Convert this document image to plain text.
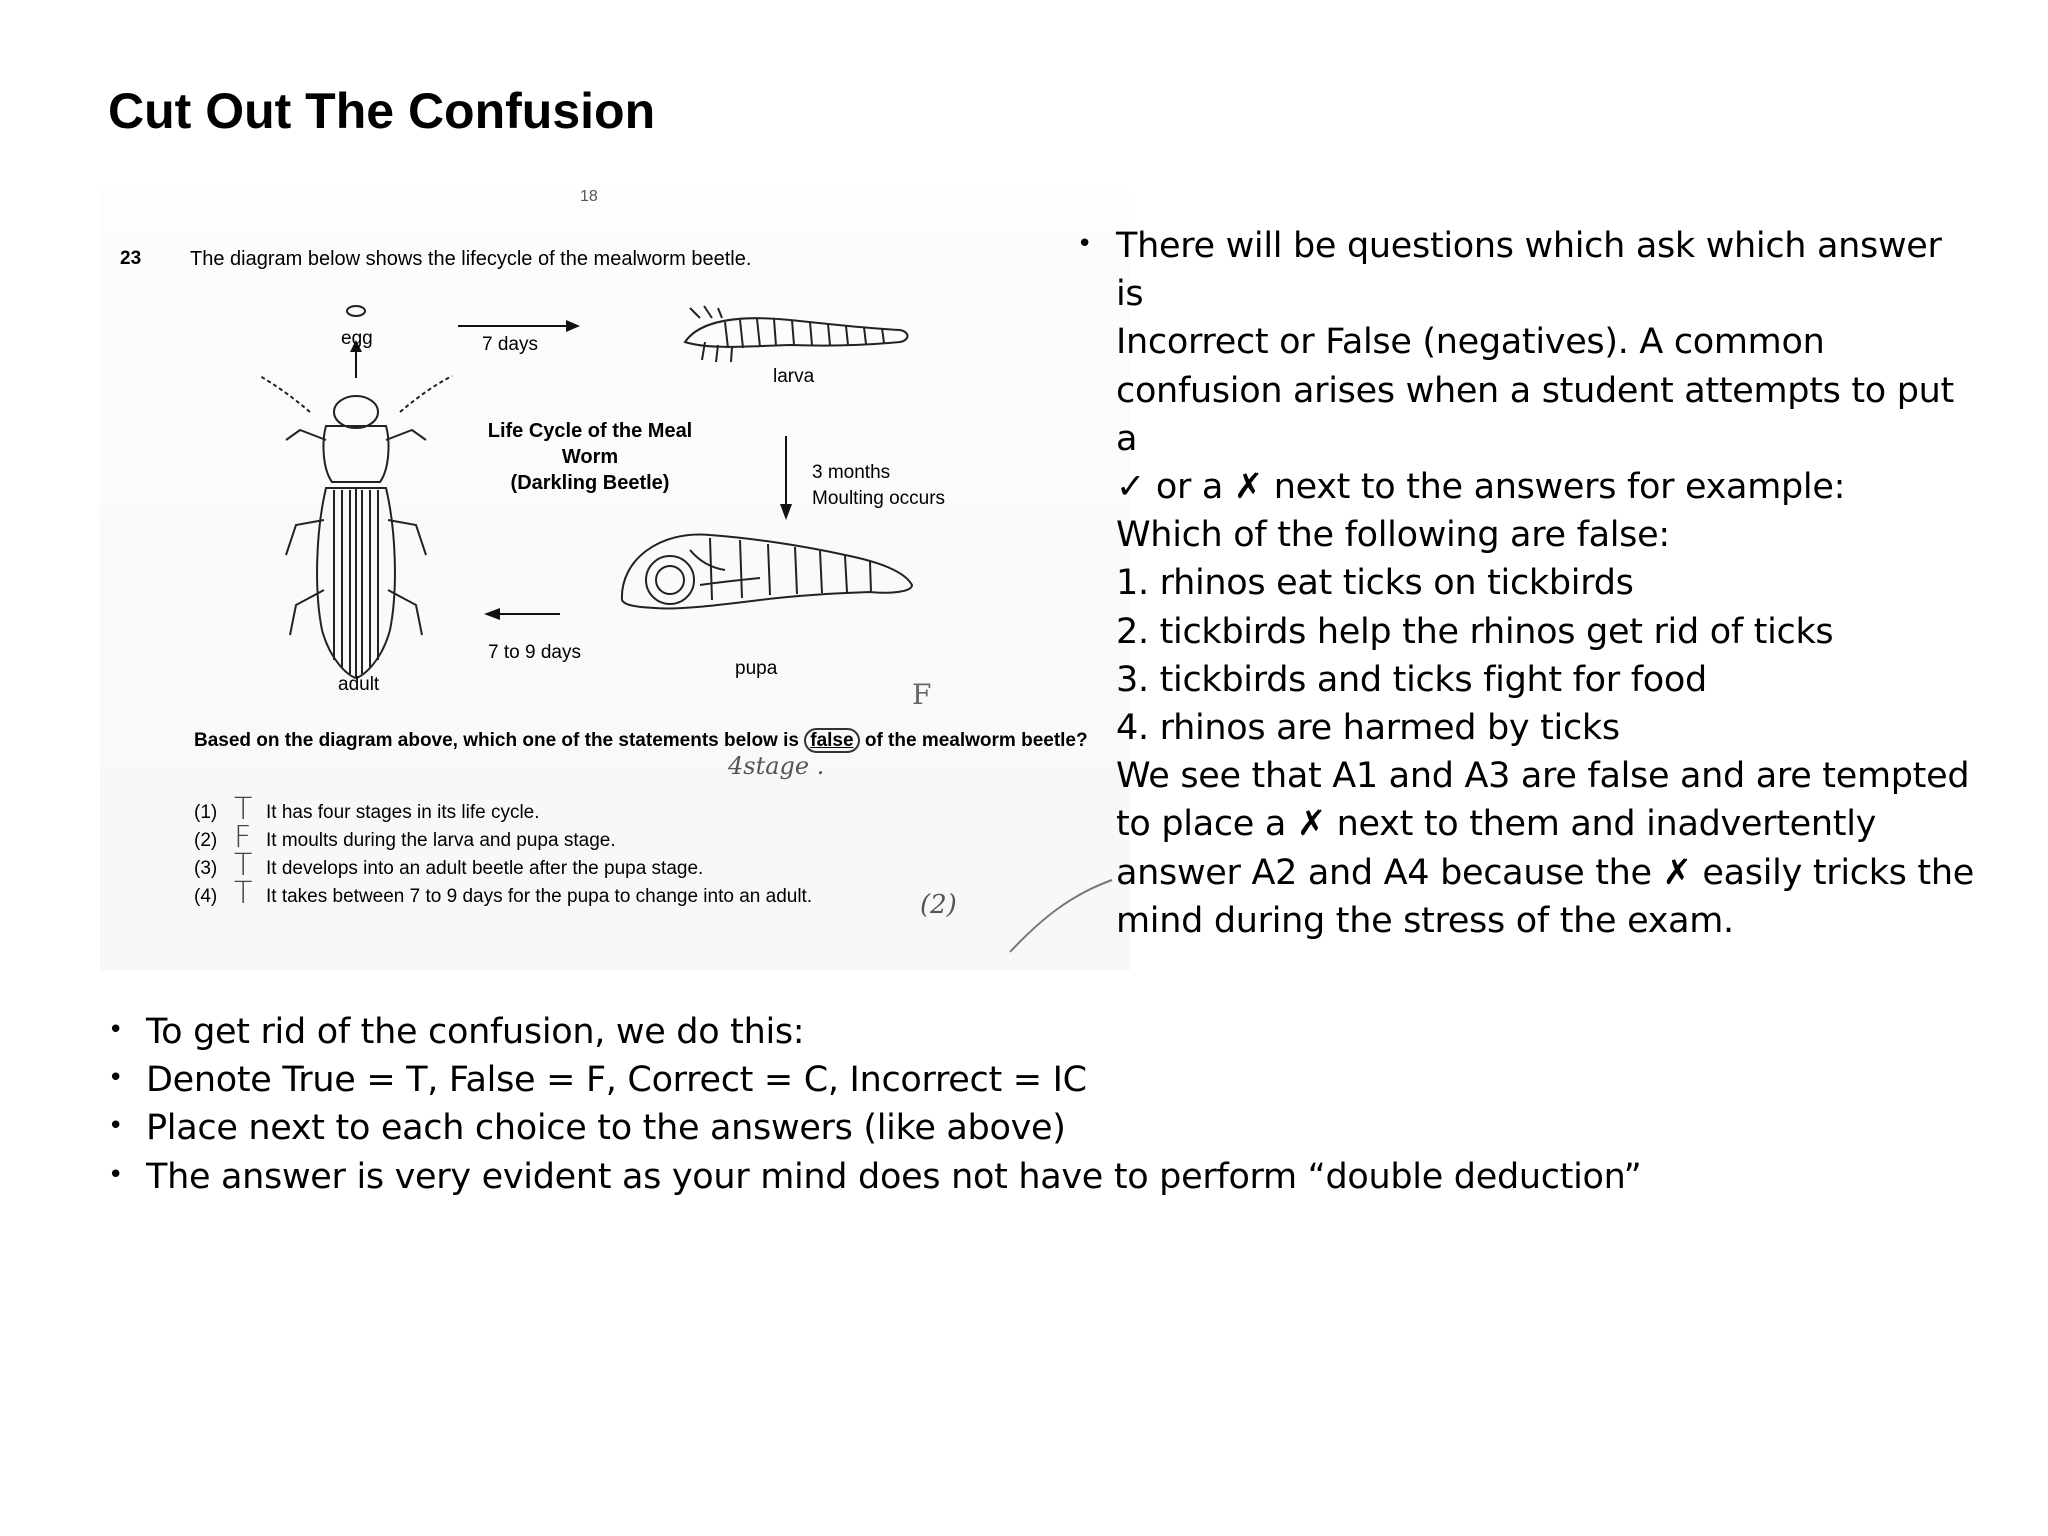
Cut Out The Confusion
18
23 The diagram below shows the lifecycle of the mealworm beetle.
egg	7 days
larva
Life Cycle of the Meal
Worm
(Darkling Beetle)	3 months
Moulting occurs
7 to 9 days
pupa
adult	F
Based on the diagram above, which one of the statements below is false of the mealworm beetle?
4stage .
(1) T It has four stages in its life cycle.
(2) F It moults during the larva and pupa stage.
(3) T It develops into an adult beetle after the pupa stage.
(4) T It takes between 7 to 9 days for the pupa to change into an adult.	(2)
• There will be questions which ask which answer is
Incorrect or False (negatives). A common
confusion arises when a student attempts to put a
✓ or a ✗ next to the answers for example:
Which of the following are false:
1. rhinos eat ticks on tickbirds
2. tickbirds help the rhinos get rid of ticks
3. tickbirds and ticks fight for food
4. rhinos are harmed by ticks
We see that A1 and A3 are false and are tempted
to place a ✗ next to them and inadvertently
answer A2 and A4 because the ✗ easily tricks the
mind during the stress of the exam.

• To get rid of the confusion, we do this:
• Denote True = T, False = F, Correct = C, Incorrect = IC
• Place next to each choice to the answers (like above)
• The answer is very evident as your mind does not have to perform “double deduction”
